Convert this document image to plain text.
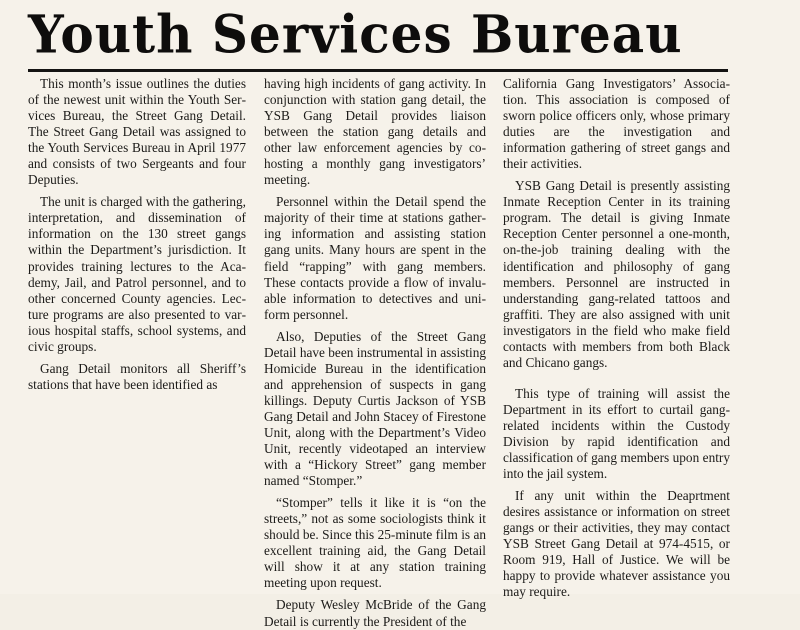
Youth Services Bureau

This month’s issue outlines the duties of the newest unit within the Youth Services Bureau, the Street Gang Detail. The Street Gang Detail was assigned to the Youth Services Bureau in April 1977 and consists of two Sergeants and four Deputies.

The unit is charged with the gathering, interpretation, and dissemination of information on the 130 street gangs within the Department’s jurisdiction. It provides training lectures to the Academy, Jail, and Patrol personnel, and to other concerned County agencies. Lecture programs are also presented to various hospital staffs, school systems, and civic groups.

Gang Detail monitors all Sheriff’s stations that have been identified as

having high incidents of gang activity. In conjunction with station gang detail, the YSB Gang Detail provides liaison between the station gang details and other law enforcement agencies by cohosting a monthly gang investigators’ meeting.

Personnel within the Detail spend the majority of their time at stations gathering information and assisting station gang units. Many hours are spent in the field “rapping” with gang members. These contacts provide a flow of invaluable information to detectives and uniform personnel.

Also, Deputies of the Street Gang Detail have been instrumental in assisting Homicide Bureau in the identification and apprehension of suspects in gang killings. Deputy Curtis Jackson of YSB Gang Detail and John Stacey of Firestone Unit, along with the Department’s Video Unit, recently videotaped an interview with a “Hickory Street” gang member named “Stomper.”

“Stomper” tells it like it is “on the streets,” not as some sociologists think it should be. Since this 25-minute film is an excellent training aid, the Gang Detail will show it at any station training meeting upon request.

Deputy Wesley McBride of the Gang Detail is currently the President of the

California Gang Investigators’ Association. This association is composed of sworn police officers only, whose primary duties are the investigation and information gathering of street gangs and their activities.

YSB Gang Detail is presently assisting Inmate Reception Center in its training program. The detail is giving Inmate Reception Center personnel a one-month, on-the-job training dealing with the identification and philosophy of gang members. Personnel are instructed in understanding gang-related tattoos and graffiti. They are also assigned with unit investigators in the field who make field contacts with members from both Black and Chicano gangs.

This type of training will assist the Department in its effort to curtail gang-related incidents within the Custody Division by rapid identification and classification of gang members upon entry into the jail system.

If any unit within the Deaprtment desires assistance or information on street gangs or their activities, they may contact YSB Street Gang Detail at 974-4515, or Room 919, Hall of Justice. We will be happy to provide whatever assistance you may require.
